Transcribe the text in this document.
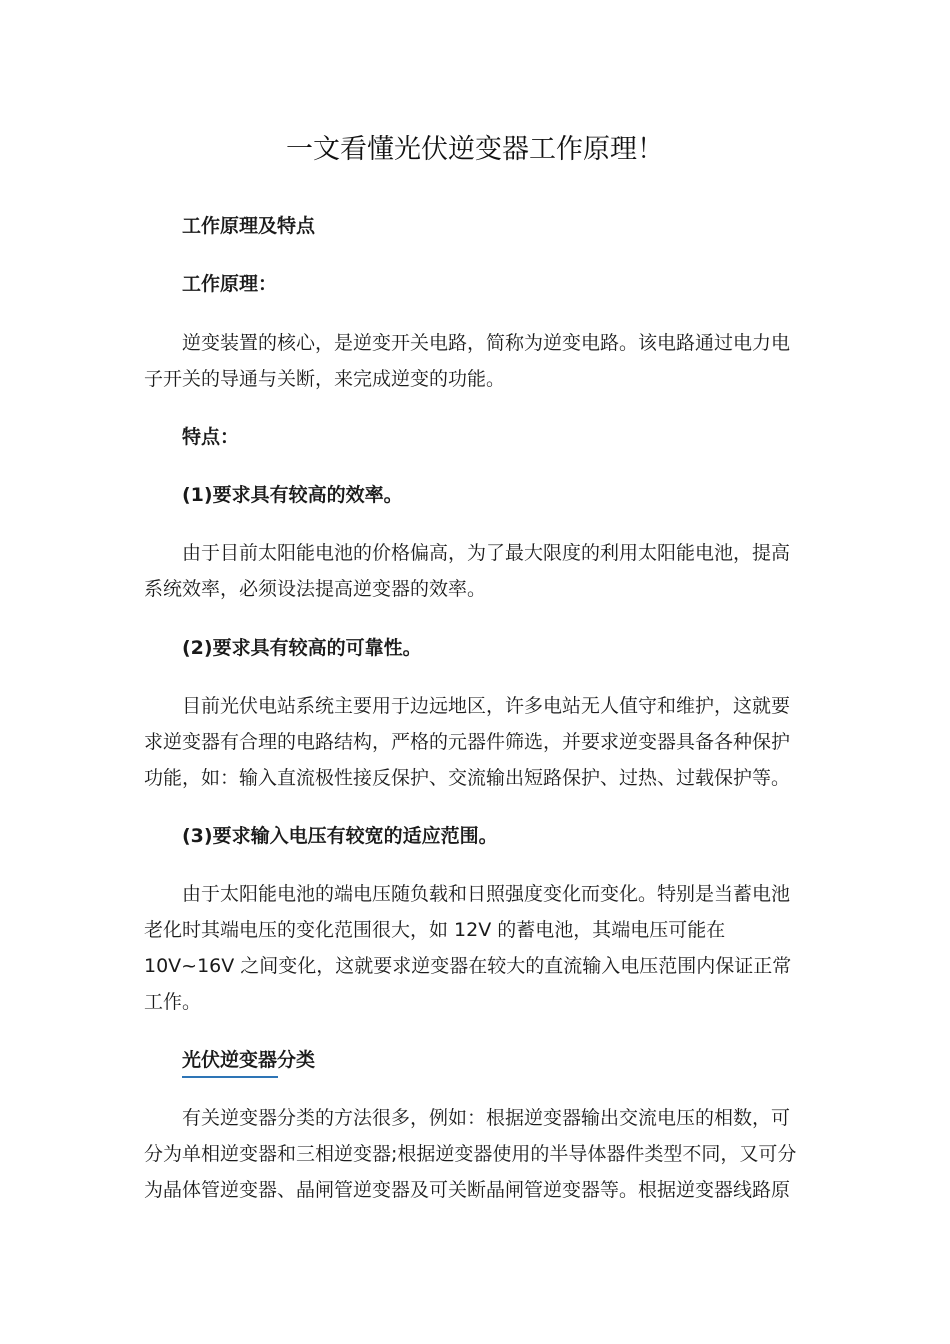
一文看懂光伏逆变器工作原理！

工作原理及特点

工作原理：

逆变装置的核心，是逆变开关电路，简称为逆变电路。该电路通过电力电
子开关的导通与关断，来完成逆变的功能。

特点：

(1)要求具有较高的效率。

由于目前太阳能电池的价格偏高，为了最大限度的利用太阳能电池，提高
系统效率，必须设法提高逆变器的效率。

(2)要求具有较高的可靠性。

目前光伏电站系统主要用于边远地区，许多电站无人值守和维护，这就要
求逆变器有合理的电路结构，严格的元器件筛选，并要求逆变器具备各种保护
功能，如：输入直流极性接反保护、交流输出短路保护、过热、过载保护等。

(3)要求输入电压有较宽的适应范围。

由于太阳能电池的端电压随负载和日照强度变化而变化。特别是当蓄电池
老化时其端电压的变化范围很大，如 12V 的蓄电池，其端电压可能在
10V~16V 之间变化，这就要求逆变器在较大的直流输入电压范围内保证正常
工作。

光伏逆变器分类

有关逆变器分类的方法很多，例如：根据逆变器输出交流电压的相数，可
分为单相逆变器和三相逆变器;根据逆变器使用的半导体器件类型不同，又可分
为晶体管逆变器、晶闸管逆变器及可关断晶闸管逆变器等。根据逆变器线路原
